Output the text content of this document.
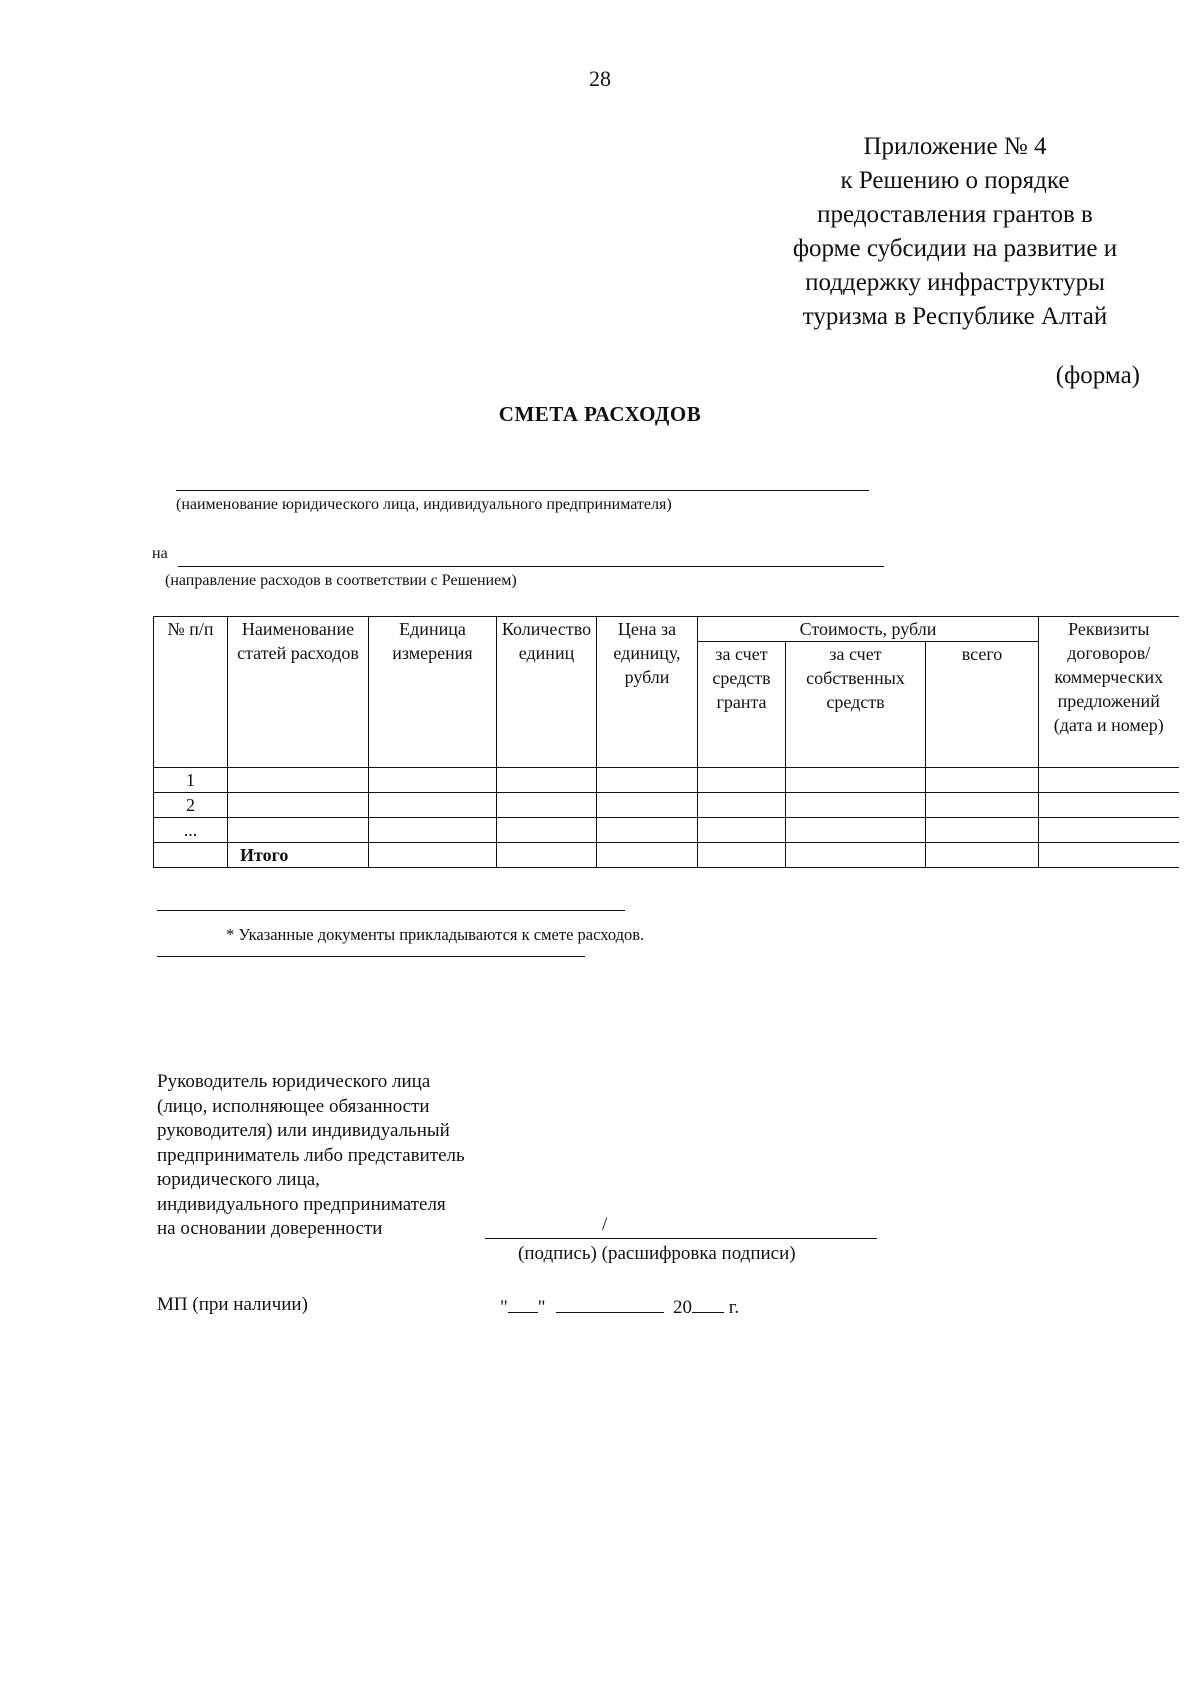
28
Приложение № 4
к Решению о порядке
предоставления грантов в
форме субсидии на развитие и
поддержку инфраструктуры
туризма в Республике Алтай
(форма)
СМЕТА РАСХОДОВ
(наименование юридического лица, индивидуального предпринимателя)
на
(направление расходов в соответствии с Решением)
№ п/п	Наименование статей расходов	Единица измерения	Количество единиц	Цена за единицу, рубли	Стоимость, рубли			Реквизиты договоров/коммерческих предложений (дата и номер)
					за счет средств гранта	за счет собственных средств	всего	
1								
2								
...								
	Итого							
* Указанные документы прикладываются к смете расходов.
Руководитель юридического лица
(лицо, исполняющее обязанности
руководителя) или индивидуальный
предприниматель либо представитель
юридического лица,
индивидуального предпринимателя
на основании доверенности	/
(подпись) (расшифровка подписи)
МП (при наличии)	" "	20 г.
